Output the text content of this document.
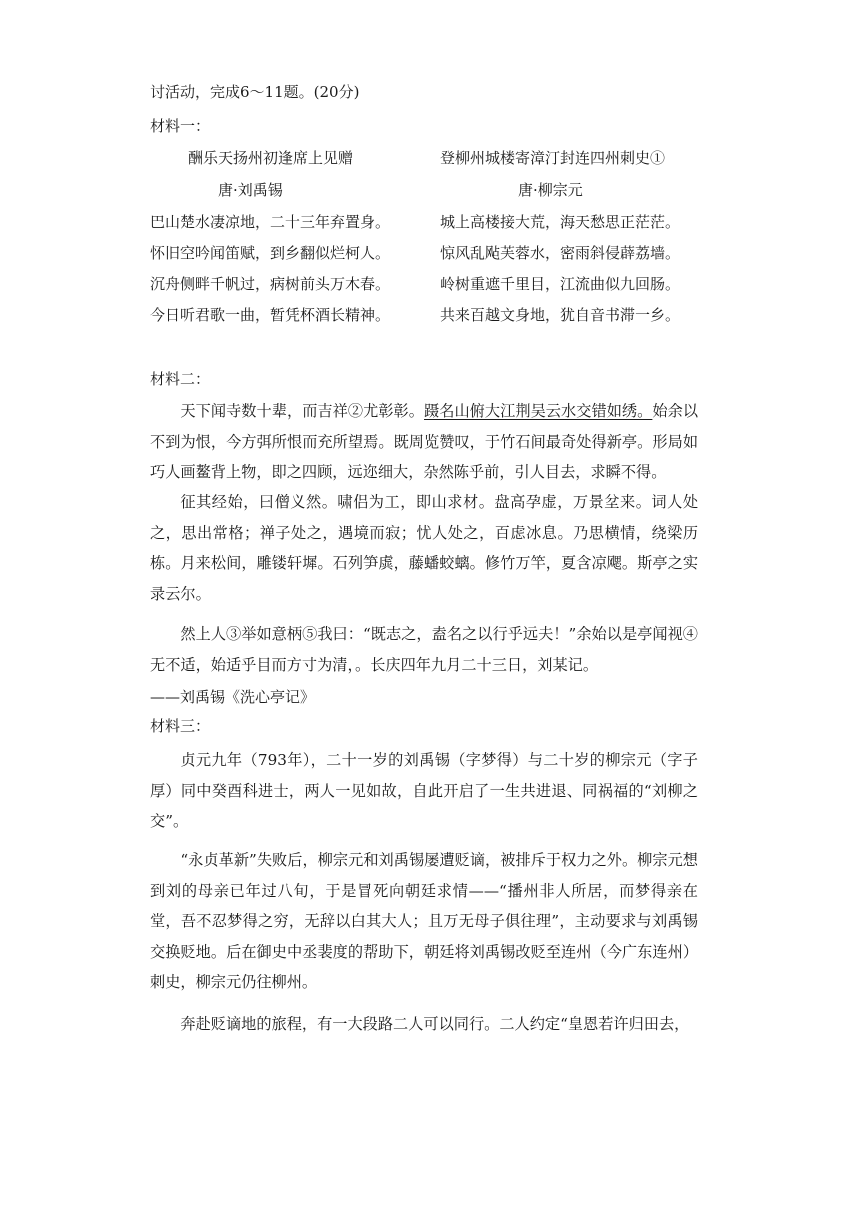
讨活动，完成6～11题。(20分)
材料一：
酬乐天扬州初逢席上见赠
唐·刘禹锡
巴山楚水凄凉地，二十三年弃置身。
怀旧空吟闻笛赋，到乡翻似烂柯人。
沉舟侧畔千帆过，病树前头万木春。
今日听君歌一曲，暂凭杯酒长精神。
登柳州城楼寄漳汀封连四州刺史①
唐·柳宗元
城上高楼接大荒，海天愁思正茫茫。
惊风乱飐芙蓉水，密雨斜侵薜荔墙。
岭树重遮千里目，江流曲似九回肠。
共来百越文身地，犹自音书滞一乡。
材料二：
天下闻寺数十辈，而吉祥②尤彰彰。蹑名山俯大江荆吴云水交错如绣。始余以不到为恨，今方弭所恨而充所望焉。既周览赞叹，于竹石间最奇处得新亭。形局如巧人画鳌背上物，即之四顾，远迩细大，杂然陈乎前，引人目去，求瞬不得。
征其经始，曰僧义然。啸侣为工，即山求材。盘高孕虚，万景坌来。词人处之，思出常格；禅子处之，遇境而寂；忧人处之，百虑冰息。乃思横情，绕梁历栋。月来松间，雕镂轩墀。石列笋虡，藤蟠蛟螭。修竹万竿，夏含凉飔。斯亭之实录云尔。
然上人③举如意柄⑤我曰：“既志之，盍名之以行乎远夫！”余始以是亭闻视④无不适，始适乎目而方寸为清，。长庆四年九月二十三日，刘某记。
——刘禹锡《洗心亭记》
材料三：
贞元九年（793年），二十一岁的刘禹锡（字梦得）与二十岁的柳宗元（字子厚）同中癸酉科进士，两人一见如故，自此开启了一生共进退、同祸福的“刘柳之交”。
“永贞革新”失败后，柳宗元和刘禹锡屡遭贬谪，被排斥于权力之外。柳宗元想到刘的母亲已年过八旬，于是冒死向朝廷求情——“播州非人所居，而梦得亲在堂，吾不忍梦得之穷，无辞以白其大人；且万无母子俱往理”，主动要求与刘禹锡交换贬地。后在御史中丞裴度的帮助下，朝廷将刘禹锡改贬至连州（今广东连州）刺史，柳宗元仍往柳州。
奔赴贬谪地的旅程，有一大段路二人可以同行。二人约定“皇恩若许归田去，
